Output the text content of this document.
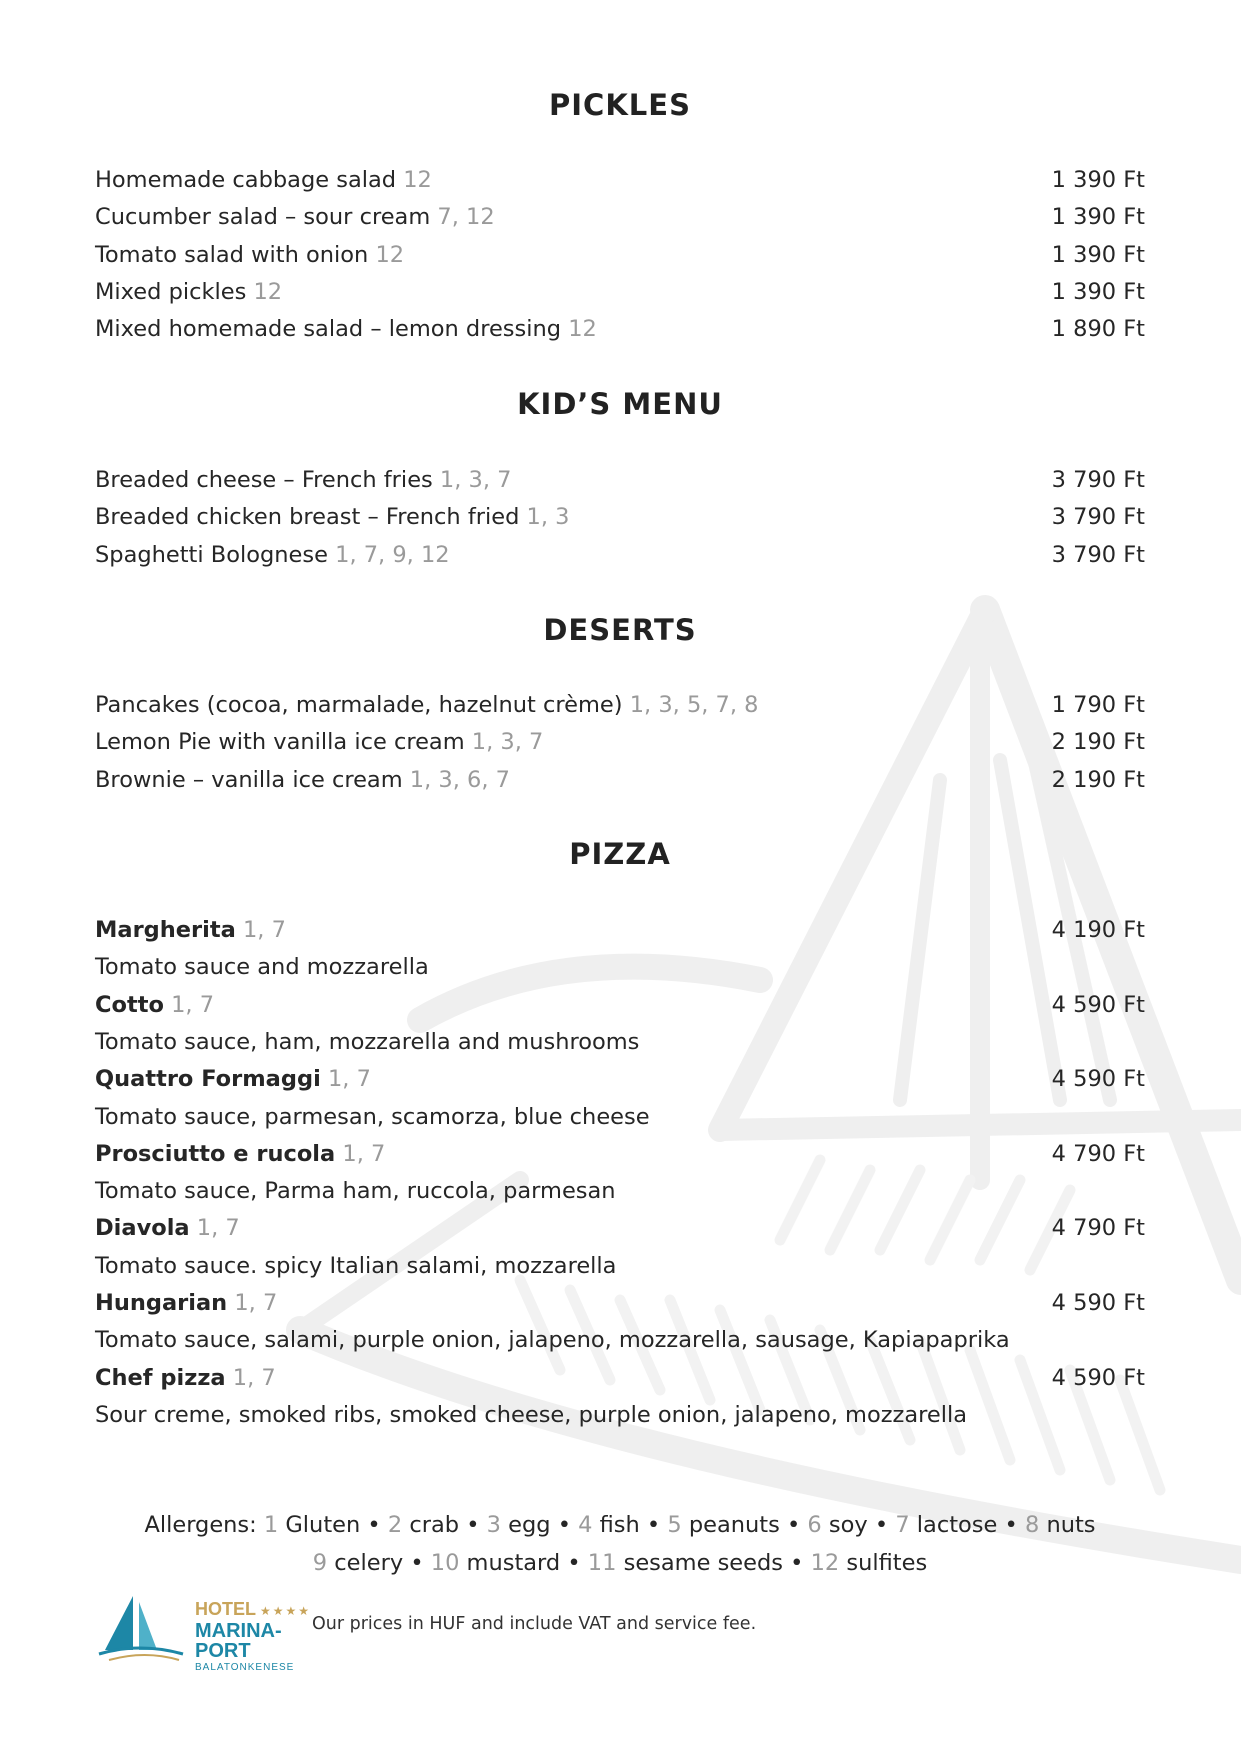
PICKLES
Homemade cabbage salad 12	1 390 Ft
Cucumber salad – sour cream 7, 12	1 390 Ft
Tomato salad with onion 12	1 390 Ft
Mixed pickles 12	1 390 Ft
Mixed homemade salad – lemon dressing 12	1 890 Ft
KID’S MENU
Breaded cheese – French fries 1, 3, 7	3 790 Ft
Breaded chicken breast – French fried 1, 3	3 790 Ft
Spaghetti Bolognese 1, 7, 9, 12	3 790 Ft
DESERTS
Pancakes (cocoa, marmalade, hazelnut crème) 1, 3, 5, 7, 8	1 790 Ft
Lemon Pie with vanilla ice cream 1, 3, 7	2 190 Ft
Brownie – vanilla ice cream 1, 3, 6, 7	2 190 Ft
PIZZA
Margherita 1, 7	4 190 Ft
Tomato sauce and mozzarella
Cotto 1, 7	4 590 Ft
Tomato sauce, ham, mozzarella and mushrooms
Quattro Formaggi 1, 7	4 590 Ft
Tomato sauce, parmesan, scamorza, blue cheese
Prosciutto e rucola 1, 7	4 790 Ft
Tomato sauce, Parma ham, ruccola, parmesan
Diavola 1, 7	4 790 Ft
Tomato sauce. spicy Italian salami, mozzarella
Hungarian 1, 7	4 590 Ft
Tomato sauce, salami, purple onion, jalapeno, mozzarella, sausage, Kapiapaprika
Chef pizza 1, 7	4 590 Ft
Sour creme, smoked ribs, smoked cheese, purple onion, jalapeno, mozzarella
Allergens: 1 Gluten • 2 crab • 3 egg • 4 fish • 5 peanuts • 6 soy • 7 lactose • 8 nuts
9 celery • 10 mustard • 11 sesame seeds • 12 sulfites
HOTEL ★★★★
MARINA-PORT
BALATONKENESE
Our prices in HUF and include VAT and service fee.
